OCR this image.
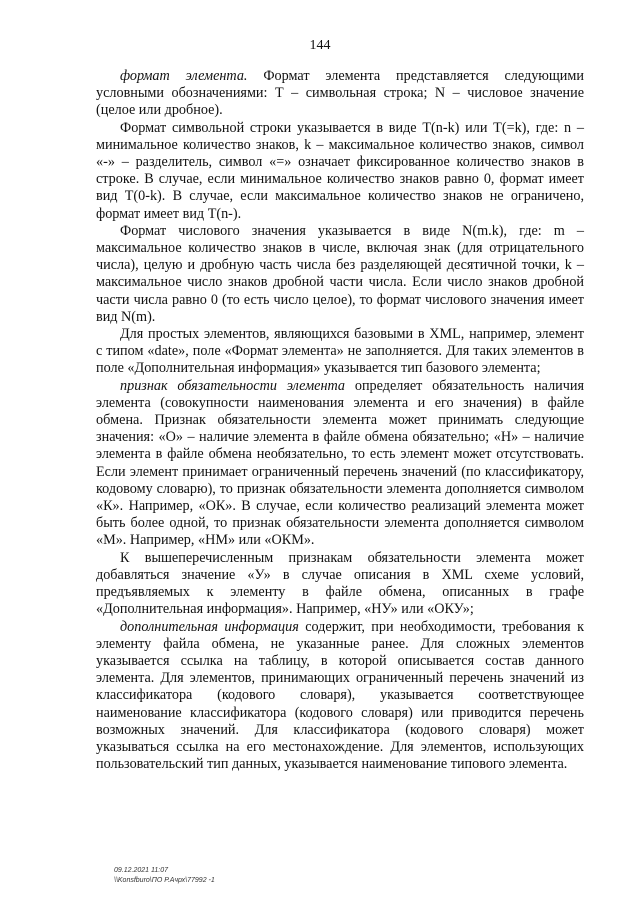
144

формат элемента. Формат элемента представляется следующими условными обозначениями: Т – символьная строка; N – числовое значение (целое или дробное).

Формат символьной строки указывается в виде T(n-k) или T(=k), где: n – минимальное количество знаков, k – максимальное количество знаков, символ «-» – разделитель, символ «=» означает фиксированное количество знаков в строке. В случае, если минимальное количество знаков равно 0, формат имеет вид T(0-k). В случае, если максимальное количество знаков не ограничено, формат имеет вид T(n-).

Формат числового значения указывается в виде N(m.k), где: m – максимальное количество знаков в числе, включая знак (для отрицательного числа), целую и дробную часть числа без разделяющей десятичной точки, k – максимальное число знаков дробной части числа. Если число знаков дробной части числа равно 0 (то есть число целое), то формат числового значения имеет вид N(m).

Для простых элементов, являющихся базовыми в XML, например, элемент с типом «date», поле «Формат элемента» не заполняется. Для таких элементов в поле «Дополнительная информация» указывается тип базового элемента;

признак обязательности элемента определяет обязательность наличия элемента (совокупности наименования элемента и его значения) в файле обмена. Признак обязательности элемента может принимать следующие значения: «О» – наличие элемента в файле обмена обязательно; «Н» – наличие элемента в файле обмена необязательно, то есть элемент может отсутствовать. Если элемент принимает ограниченный перечень значений (по классификатору, кодовому словарю), то признак обязательности элемента дополняется символом «К». Например, «ОК». В случае, если количество реализаций элемента может быть более одной, то признак обязательности элемента дополняется символом «М». Например, «НМ» или «ОКМ».

К вышеперечисленным признакам обязательности элемента может добавляться значение «У» в случае описания в XML схеме условий, предъявляемых к элементу в файле обмена, описанных в графе «Дополнительная информация». Например, «НУ» или «ОКУ»;

дополнительная информация содержит, при необходимости, требования к элементу файла обмена, не указанные ранее. Для сложных элементов указывается ссылка на таблицу, в которой описывается состав данного элемента. Для элементов, принимающих ограниченный перечень значений из классификатора (кодового словаря), указывается соответствующее наименование классификатора (кодового словаря) или приводится перечень возможных значений. Для классификатора (кодового словаря) может указываться ссылка на его местонахождение. Для элементов, использующих пользовательский тип данных, указывается наименование типового элемента.

09.12.2021 11:07
\\Konsfburo\ПО Р.Ачрх\77992 -1
